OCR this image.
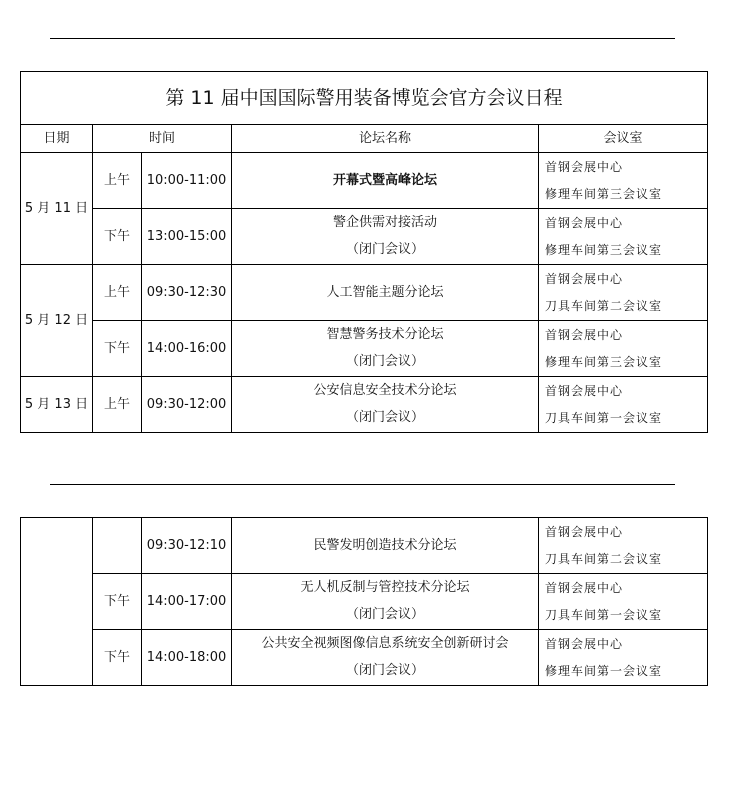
第 11 届中国国际警用装备博览会官方会议日程				
日期	时间		论坛名称	会议室
5 月 11 日	上午	10:00-11:00	开幕式暨高峰论坛	首钢会展中心
修理车间第三会议室

	下午	13:00-15:00	警企供需对接活动
（闭门会议）	首钢会展中心
修理车间第三会议室

5 月 12 日	上午	09:30-12:30	人工智能主题分论坛	首钢会展中心
刀具车间第二会议室

	下午	14:00-16:00	智慧警务技术分论坛
（闭门会议）	首钢会展中心
修理车间第三会议室

5 月 13 日	上午	09:30-12:00	公安信息安全技术分论坛
（闭门会议）	首钢会展中心
刀具车间第一会议室
		09:30-12:10	民警发明创造技术分论坛	首钢会展中心
刀具车间第二会议室

	下午	14:00-17:00	无人机反制与管控技术分论坛
（闭门会议）	首钢会展中心
刀具车间第一会议室

	下午	14:00-18:00	公共安全视频图像信息系统安全创新研讨会
（闭门会议）	首钢会展中心
修理车间第一会议室
